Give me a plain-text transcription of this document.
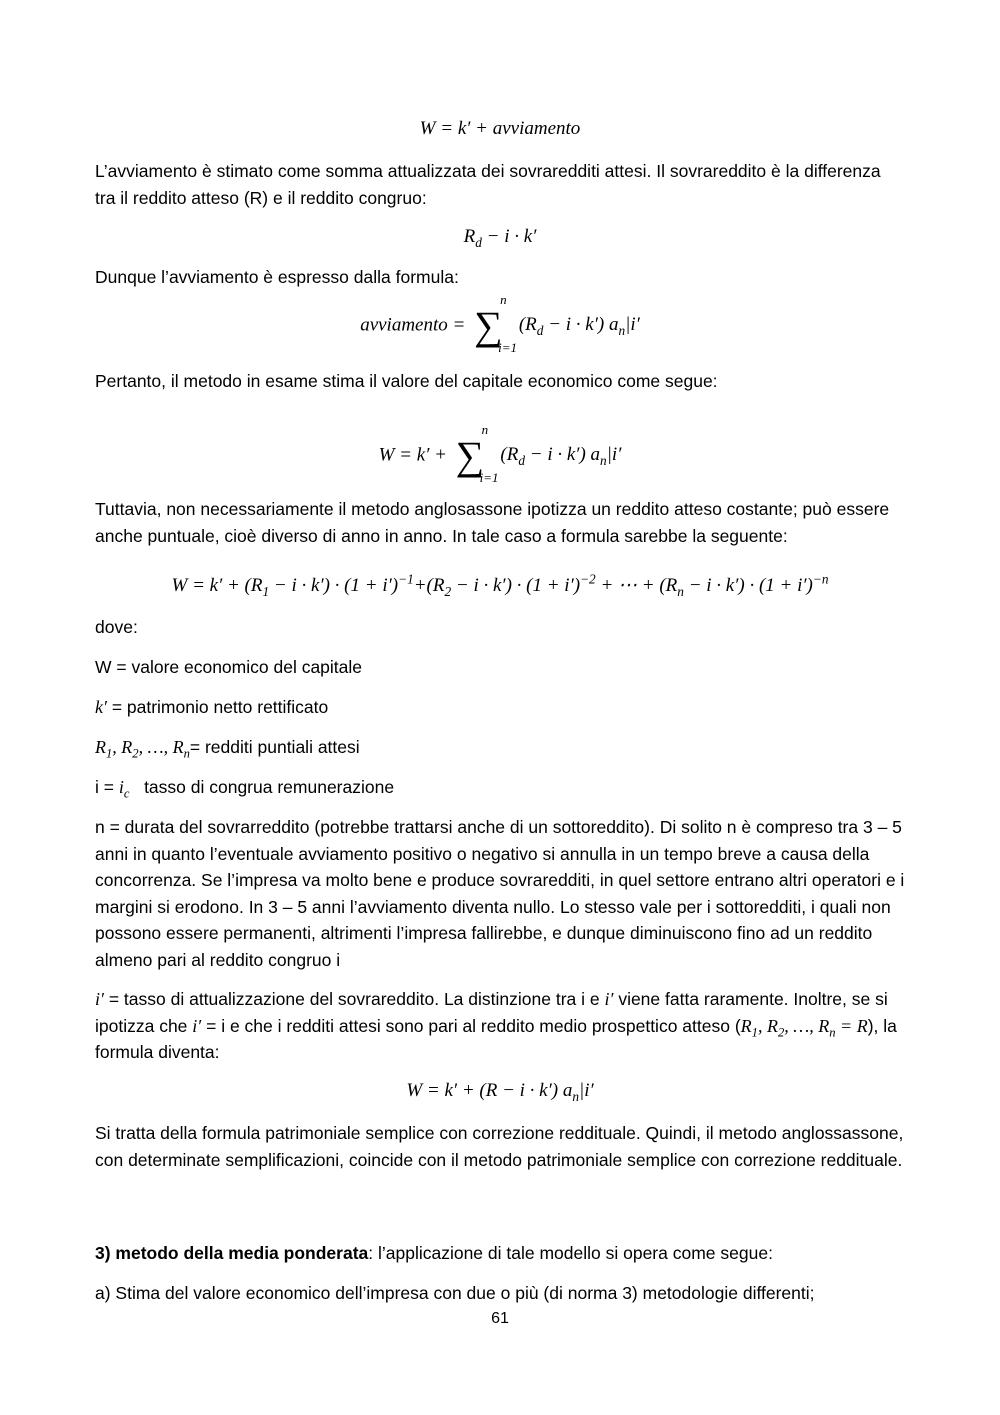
W = k′ + avviamento

L’avviamento è stimato come somma attualizzata dei sovraredditi attesi. Il sovrareddito è la differenza tra il reddito atteso (R) e il reddito congruo:

$R_d - i \cdot k'$

Dunque l’avviamento è espresso dalla formula:

avviamento = ∑
n
i=1
$(R_d - i \cdot k')$ $a_n|i'$

Pertanto, il metodo in esame stima il valore del capitale economico come segue:

W = k′ + ∑
n
i=1
$(R_d - i \cdot k')$ $a_n|i'$

Tuttavia, non necessariamente il metodo anglosassone ipotizza un reddito atteso costante; può essere anche puntuale, cioè diverso di anno in anno. In tale caso a formula sarebbe la seguente:

$W = k' + (R_1 - i \cdot k') \cdot (1 + i')^{-1}+(R_2 - i \cdot k') \cdot (1 + i')^{-2}$ + ⋯ + $(R_n - i \cdot k') \cdot (1 + i')^{-n}$

dove:

W = valore economico del capitale

k′ = patrimonio netto rettificato

$R_1$, $R_2$, …, $R_n=$ redditi puntiali attesi

$i = i_c$ tasso di congrua remunerazione

n = durata del sovrarreddito (potrebbe trattarsi anche di un sottoreddito). Di solito n è compreso tra 3 – 5 anni in quanto l’eventuale avviamento positivo o negativo si annulla in un tempo breve a causa della concorrenza. Se l’impresa va molto bene e produce sovraredditi, in quel settore entrano altri operatori e i margini si erodono. In 3 – 5 anni l’avviamento diventa nullo. Lo stesso vale per i sottoredditi, i quali non possono essere permanenti, altrimenti l’impresa fallirebbe, e dunque diminuiscono fino ad un reddito almeno pari al reddito congruo i

i′ = tasso di attualizzazione del sovrareddito. La distinzione tra i e i′ viene fatta raramente. Inoltre, se si ipotizza che i′ = i e che i redditi attesi sono pari al reddito medio prospettico atteso ($R_1$, $R_2$, …, $R_n = R$), la formula diventa:

W = k′ + (R − i · k′) $a_n|i'$

Si tratta della formula patrimoniale semplice con correzione reddituale. Quindi, il metodo anglossassone, con determinate semplificazioni, coincide con il metodo patrimoniale semplice con correzione reddituale.

3) metodo della media ponderata: l’applicazione di tale modello si opera come segue:

a) Stima del valore economico dell’impresa con due o più (di norma 3) metodologie differenti;

61
